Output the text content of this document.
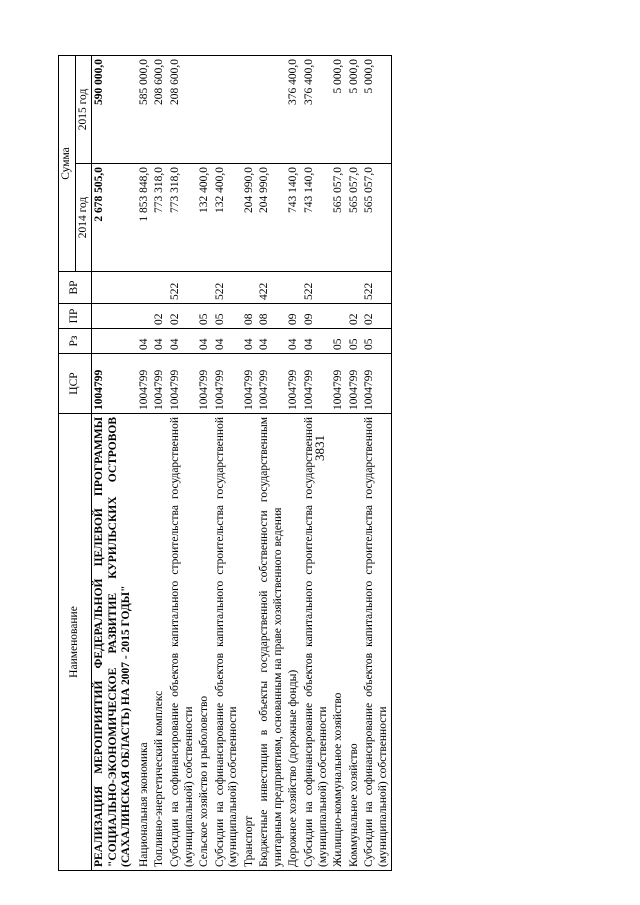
3831
Наименование	ЦСР	Рз	ПР	ВР	Сумма	
					2014 год	2015 год
РЕАЛИЗАЦИЯ МЕРОПРИЯТИЙ ФЕДЕРАЛЬНОЙ ЦЕЛЕВОЙ ПРОГРАММЫ "СОЦИАЛЬНО-ЭКОНОМИЧЕСКОЕ РАЗВИТИЕ КУРИЛЬСКИХ ОСТРОВОВ (САХАЛИНСКАЯ ОБЛАСТЬ) НА 2007 - 2015 ГОДЫ"	1004799				2 678 505,0	590 000,0
Национальная экономика	1004799	04			1 853 848,0	585 000,0
Топливно-энергетический комплекс	1004799	04	02		773 318,0	208 600,0
Субсидии на софинансирование объектов капитального строительства государственной (муниципальной) собственности	1004799	04	02	522	773 318,0	208 600,0
Сельское хозяйство и рыболовство	1004799	04	05		132 400,0	
Субсидии на софинансирование объектов капитального строительства государственной (муниципальной) собственности	1004799	04	05	522	132 400,0	
Транспорт	1004799	04	08		204 990,0	
Бюджетные инвестиции в объекты государственной собственности государственным унитарным предприятиям, основанным на праве хозяйственного ведения	1004799	04	08	422	204 990,0	
Дорожное хозяйство (дорожные фонды)	1004799	04	09		743 140,0	376 400,0
Субсидии на софинансирование объектов капитального строительства государственной (муниципальной) собственности	1004799	04	09	522	743 140,0	376 400,0
Жилищно-коммунальное хозяйство	1004799	05			565 057,0	5 000,0
Коммунальное хозяйство	1004799	05	02		565 057,0	5 000,0
Субсидии на софинансирование объектов капитального строительства государственной (муниципальной) собственности	1004799	05	02	522	565 057,0	5 000,0
